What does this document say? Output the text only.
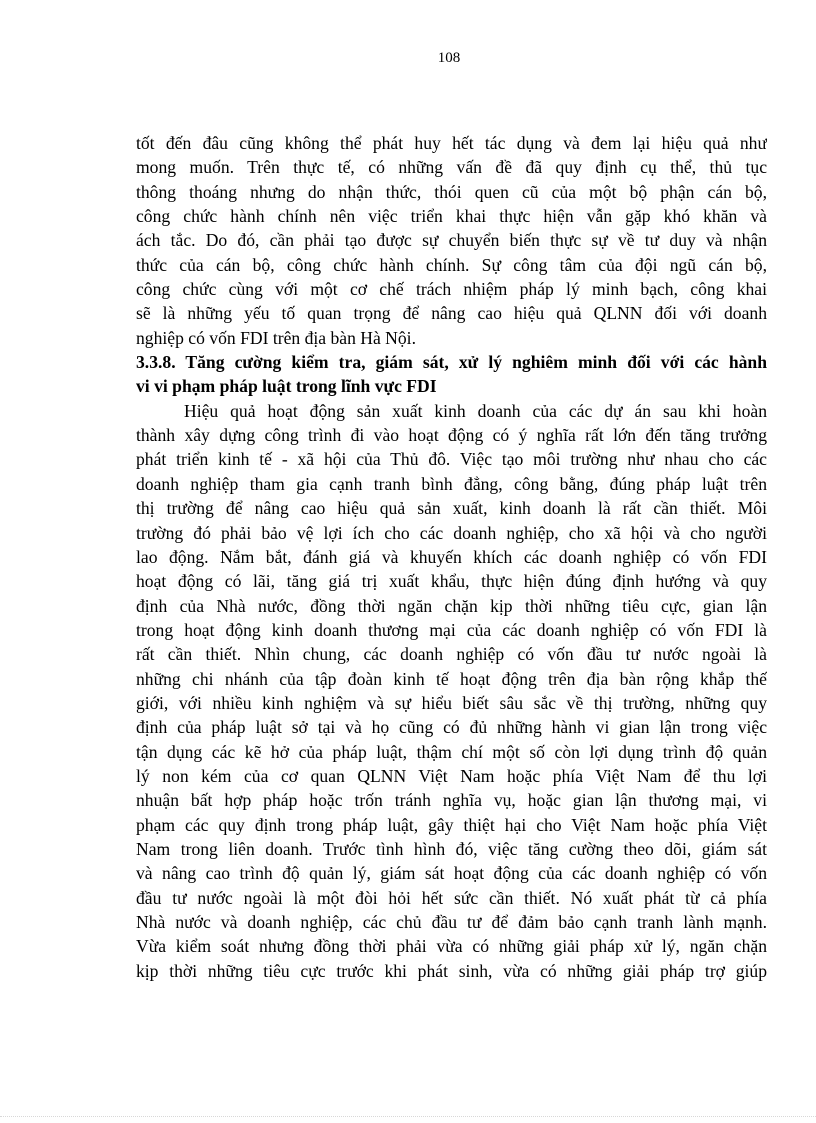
108
tốt đến đâu cũng không thể phát huy hết tác dụng và đem lại hiệu quả như
mong muốn. Trên thực tế, có những vấn đề đã quy định cụ thể, thủ tục
thông thoáng nhưng do nhận thức, thói quen cũ của một bộ phận cán bộ,
công chức hành chính nên việc triển khai thực hiện vẫn gặp khó khăn và
ách tắc. Do đó, cần phải tạo được sự chuyển biến thực sự về tư duy và nhận
thức của cán bộ, công chức hành chính. Sự công tâm của đội ngũ cán bộ,
công chức cùng với một cơ chế trách nhiệm pháp lý minh bạch, công khai
sẽ là những yếu tố quan trọng để nâng cao hiệu quả QLNN đối với doanh
nghiệp có vốn FDI trên địa bàn Hà Nội.
3.3.8. Tăng cường kiểm tra, giám sát, xử lý nghiêm minh đối với các hành
vi vi phạm pháp luật trong lĩnh vực FDI
Hiệu quả hoạt động sản xuất kinh doanh của các dự án sau khi hoàn
thành xây dựng công trình đi vào hoạt động có ý nghĩa rất lớn đến tăng trưởng
phát triển kinh tế - xã hội của Thủ đô. Việc tạo môi trường như nhau cho các
doanh nghiệp tham gia cạnh tranh bình đẳng, công bằng, đúng pháp luật trên
thị trường để nâng cao hiệu quả sản xuất, kinh doanh là rất cần thiết. Môi
trường đó phải bảo vệ lợi ích cho các doanh nghiệp, cho xã hội và cho người
lao động. Nắm bắt, đánh giá và khuyến khích các doanh nghiệp có vốn FDI
hoạt động có lãi, tăng giá trị xuất khẩu, thực hiện đúng định hướng và quy
định của Nhà nước, đồng thời ngăn chặn kịp thời những tiêu cực, gian lận
trong hoạt động kinh doanh thương mại của các doanh nghiệp có vốn FDI là
rất cần thiết. Nhìn chung, các doanh nghiệp có vốn đầu tư nước ngoài là
những chi nhánh của tập đoàn kinh tế hoạt động trên địa bàn rộng khắp thế
giới, với nhiều kinh nghiệm và sự hiểu biết sâu sắc về thị trường, những quy
định của pháp luật sở tại và họ cũng có đủ những hành vi gian lận trong việc
tận dụng các kẽ hở của pháp luật, thậm chí một số còn lợi dụng trình độ quản
lý non kém của cơ quan QLNN Việt Nam hoặc phía Việt Nam để thu lợi
nhuận bất hợp pháp hoặc trốn tránh nghĩa vụ, hoặc gian lận thương mại, vi
phạm các quy định trong pháp luật, gây thiệt hại cho Việt Nam hoặc phía Việt
Nam trong liên doanh. Trước tình hình đó, việc tăng cường theo dõi, giám sát
và nâng cao trình độ quản lý, giám sát hoạt động của các doanh nghiệp có vốn
đầu tư nước ngoài là một đòi hỏi hết sức cần thiết. Nó xuất phát từ cả phía
Nhà nước và doanh nghiệp, các chủ đầu tư để đảm bảo cạnh tranh lành mạnh.
Vừa kiểm soát nhưng đồng thời phải vừa có những giải pháp xử lý, ngăn chặn
kịp thời những tiêu cực trước khi phát sinh, vừa có những giải pháp trợ giúp
